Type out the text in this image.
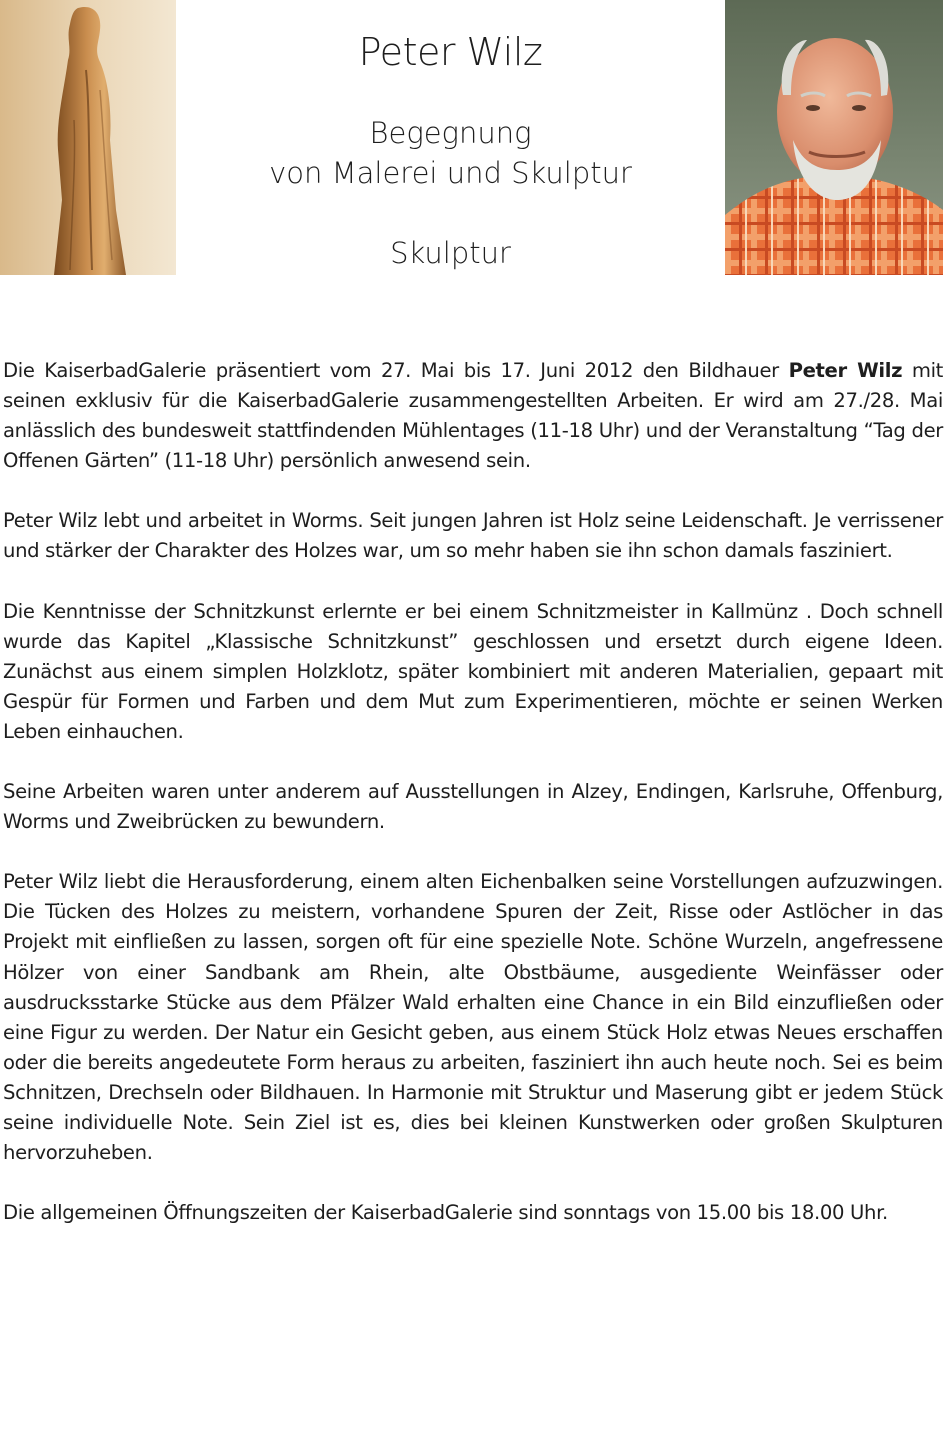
Peter Wilz
Begegnung
von Malerei und Skulptur
Skulptur

Die KaiserbadGalerie präsentiert vom 27. Mai bis 17. Juni 2012 den Bildhauer Peter Wilz mit seinen exklusiv für die KaiserbadGalerie zusammengestellten Arbeiten. Er wird am 27./28. Mai anlässlich des bundesweit stattfindenden Mühlentages (11-18 Uhr) und der Veranstaltung “Tag der Offenen Gärten” (11-18 Uhr) persönlich anwesend sein.

Peter Wilz lebt und arbeitet in Worms. Seit jungen Jahren ist Holz seine Leidenschaft. Je verrissener und stärker der Charakter des Holzes war, um so mehr haben sie ihn schon damals fasziniert.

Die Kenntnisse der Schnitzkunst erlernte er bei einem Schnitzmeister in Kallmünz . Doch schnell wurde das Kapitel „Klassische Schnitzkunst” geschlossen und ersetzt durch eigene Ideen. Zunächst aus einem simplen Holzklotz, später kombiniert mit anderen Materialien, gepaart mit Gespür für Formen und Farben und dem Mut zum Experimentieren, möchte er seinen Werken Leben einhauchen.

Seine Arbeiten waren unter anderem auf Ausstellungen in Alzey, Endingen, Karlsruhe, Offenburg, Worms und Zweibrücken zu bewundern.

Peter Wilz liebt die Herausforderung, einem alten Eichenbalken seine Vorstellungen aufzuzwingen. Die Tücken des Holzes zu meistern, vorhandene Spuren der Zeit, Risse oder Astlöcher in das Projekt mit einfließen zu lassen, sorgen oft für eine spezielle Note. Schöne Wurzeln, angefressene Hölzer von einer Sandbank am Rhein, alte Obstbäume, ausgediente Weinfässer oder ausdrucksstarke Stücke aus dem Pfälzer Wald erhalten eine Chance in ein Bild einzufließen oder eine Figur zu werden. Der Natur ein Gesicht geben, aus einem Stück Holz etwas Neues erschaffen oder die bereits angedeutete Form heraus zu arbeiten, fasziniert ihn auch heute noch. Sei es beim Schnitzen, Drechseln oder Bildhauen. In Harmonie mit Struktur und Maserung gibt er jedem Stück seine individuelle Note. Sein Ziel ist es, dies bei kleinen Kunstwerken oder großen Skulpturen hervorzuheben.

Die allgemeinen Öffnungszeiten der KaiserbadGalerie sind sonntags von 15.00 bis 18.00 Uhr.
